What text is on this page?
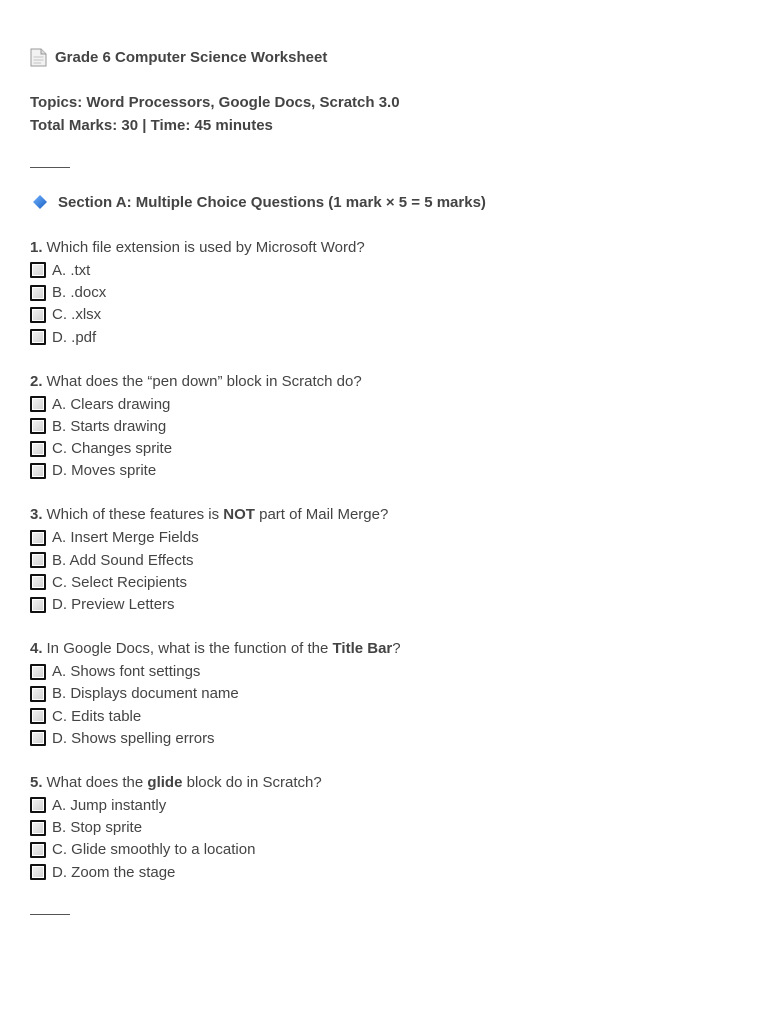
Grade 6 Computer Science Worksheet
Topics: Word Processors, Google Docs, Scratch 3.0
Total Marks: 30 | Time: 45 minutes
Section A: Multiple Choice Questions (1 mark × 5 = 5 marks)
1. Which file extension is used by Microsoft Word?
A. .txt
B. .docx
C. .xlsx
D. .pdf
2. What does the “pen down” block in Scratch do?
A. Clears drawing
B. Starts drawing
C. Changes sprite
D. Moves sprite
3. Which of these features is NOT part of Mail Merge?
A. Insert Merge Fields
B. Add Sound Effects
C. Select Recipients
D. Preview Letters
4. In Google Docs, what is the function of the Title Bar?
A. Shows font settings
B. Displays document name
C. Edits table
D. Shows spelling errors
5. What does the glide block do in Scratch?
A. Jump instantly
B. Stop sprite
C. Glide smoothly to a location
D. Zoom the stage
